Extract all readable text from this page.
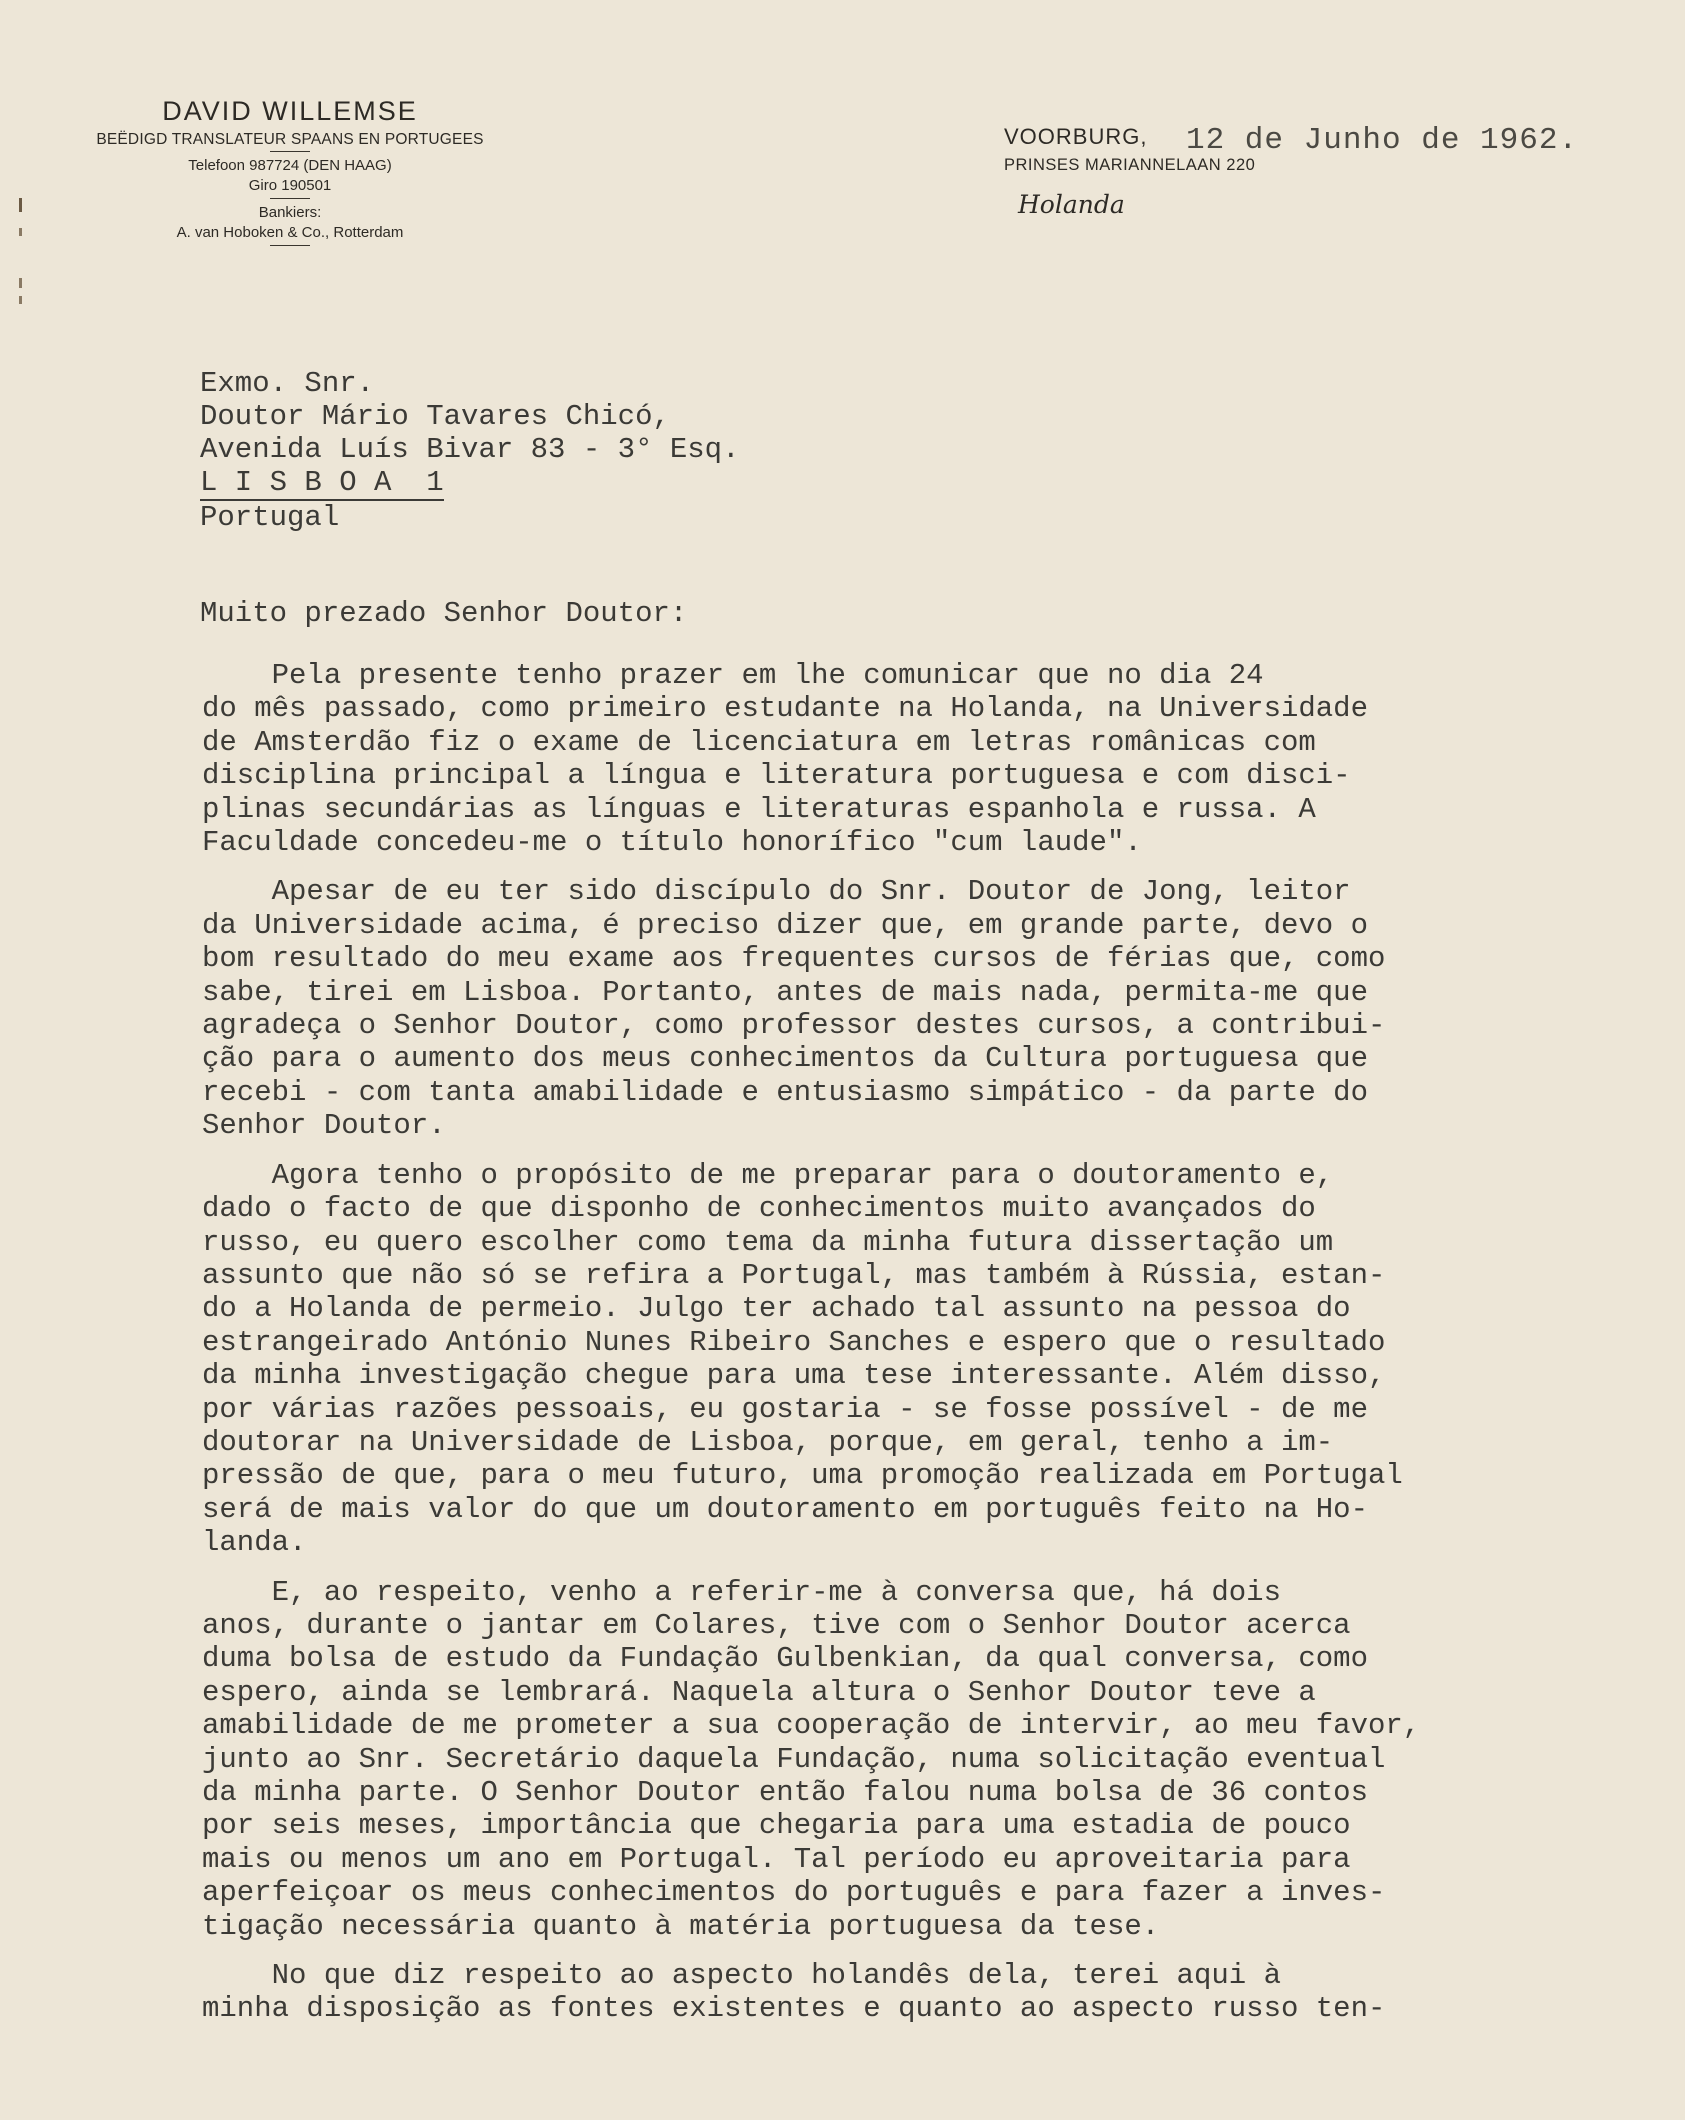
DAVID WILLEMSE
BEËDIGD TRANSLATEUR SPAANS EN PORTUGEES
Telefoon 987724 (DEN HAAG)
Giro 190501
Bankiers:
A. van Hoboken & Co., Rotterdam
VOORBURG,
PRINSES MARIANNELAAN 220
12 de Junho de 1962.
Holanda
Exmo. Snr.
Doutor Mário Tavares Chicó,
Avenida Luís Bivar 83 - 3° Esq.
L I S B O A  1
Portugal
Muito prezado Senhor Doutor:
Pela presente tenho prazer em lhe comunicar que no dia 24
do mês passado, como primeiro estudante na Holanda, na Universidade
de Amsterdão fiz o exame de licenciatura em letras românicas com
disciplina principal a língua e literatura portuguesa e com disci-
plinas secundárias as línguas e literaturas espanhola e russa. A
Faculdade concedeu-me o título honorífico "cum laude".
Apesar de eu ter sido discípulo do Snr. Doutor de Jong, leitor
da Universidade acima, é preciso dizer que, em grande parte, devo o
bom resultado do meu exame aos frequentes cursos de férias que, como
sabe, tirei em Lisboa. Portanto, antes de mais nada, permita-me que
agradeça o Senhor Doutor, como professor destes cursos, a contribui-
ção para o aumento dos meus conhecimentos da Cultura portuguesa que
recebi - com tanta amabilidade e entusiasmo simpático - da parte do
Senhor Doutor.
Agora tenho o propósito de me preparar para o doutoramento e,
dado o facto de que disponho de conhecimentos muito avançados do
russo, eu quero escolher como tema da minha futura dissertação um
assunto que não só se refira a Portugal, mas também à Rússia, estan-
do a Holanda de permeio. Julgo ter achado tal assunto na pessoa do
estrangeirado António Nunes Ribeiro Sanches e espero que o resultado
da minha investigação chegue para uma tese interessante. Além disso,
por várias razões pessoais, eu gostaria - se fosse possível - de me
doutorar na Universidade de Lisboa, porque, em geral, tenho a im-
pressão de que, para o meu futuro, uma promoção realizada em Portugal
será de mais valor do que um doutoramento em português feito na Ho-
landa.
E, ao respeito, venho a referir-me à conversa que, há dois
anos, durante o jantar em Colares, tive com o Senhor Doutor acerca
duma bolsa de estudo da Fundação Gulbenkian, da qual conversa, como
espero, ainda se lembrará. Naquela altura o Senhor Doutor teve a
amabilidade de me prometer a sua cooperação de intervir, ao meu favor,
junto ao Snr. Secretário daquela Fundação, numa solicitação eventual
da minha parte. O Senhor Doutor então falou numa bolsa de 36 contos
por seis meses, importância que chegaria para uma estadia de pouco
mais ou menos um ano em Portugal. Tal período eu aproveitaria para
aperfeiçoar os meus conhecimentos do português e para fazer a inves-
tigação necessária quanto à matéria portuguesa da tese.
No que diz respeito ao aspecto holandês dela, terei aqui à
minha disposição as fontes existentes e quanto ao aspecto russo ten-
